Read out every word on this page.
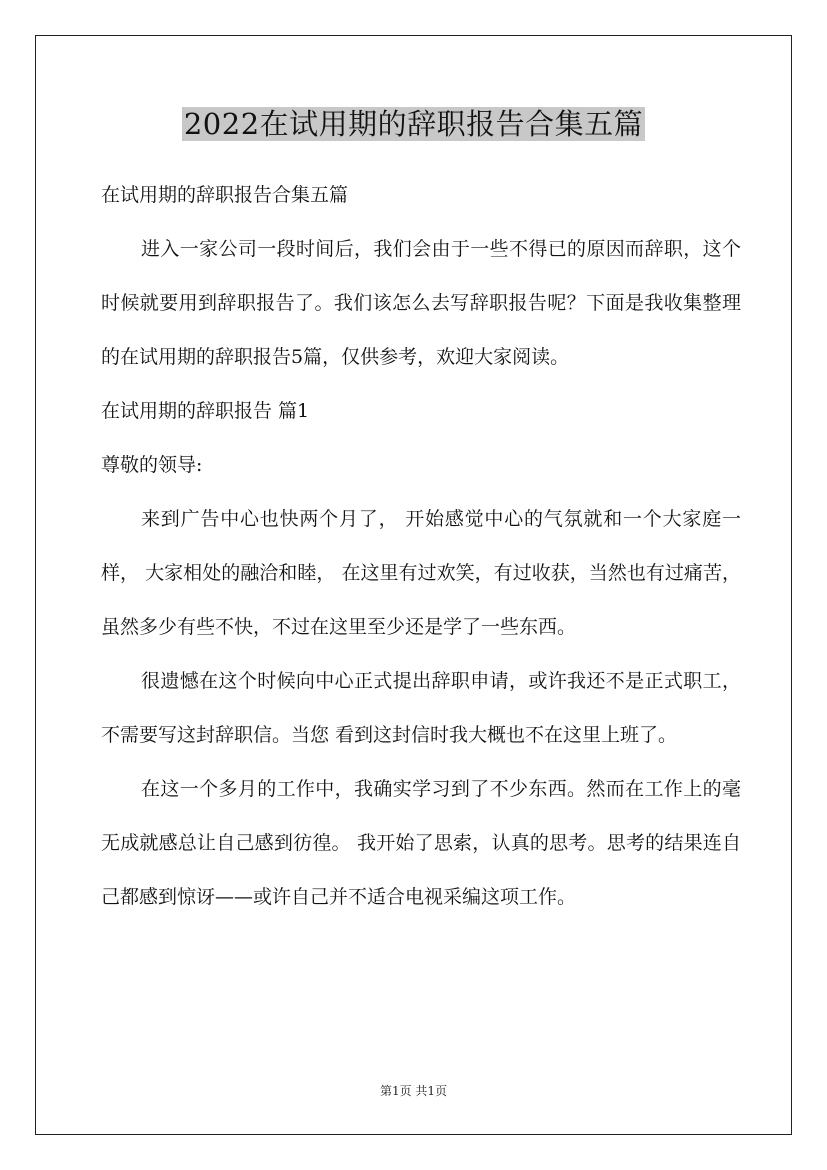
2022在试用期的辞职报告合集五篇

在试用期的辞职报告合集五篇

进入一家公司一段时间后，我们会由于一些不得已的原因而辞职，这个时候就要用到辞职报告了。我们该怎么去写辞职报告呢？下面是我收集整理的在试用期的辞职报告5篇，仅供参考，欢迎大家阅读。

在试用期的辞职报告 篇1

尊敬的领导:

来到广告中心也快两个月了， 开始感觉中心的气氛就和一个大家庭一样， 大家相处的融洽和睦， 在这里有过欢笑，有过收获，当然也有过痛苦，虽然多少有些不快，不过在这里至少还是学了一些东西。

很遗憾在这个时候向中心正式提出辞职申请，或许我还不是正式职工，不需要写这封辞职信。当您 看到这封信时我大概也不在这里上班了。

在这一个多月的工作中，我确实学习到了不少东西。然而在工作上的毫无成就感总让自己感到彷徨。 我开始了思索，认真的思考。思考的结果连自己都感到惊讶——或许自己并不适合电视采编这项工作。

第1页 共1页
